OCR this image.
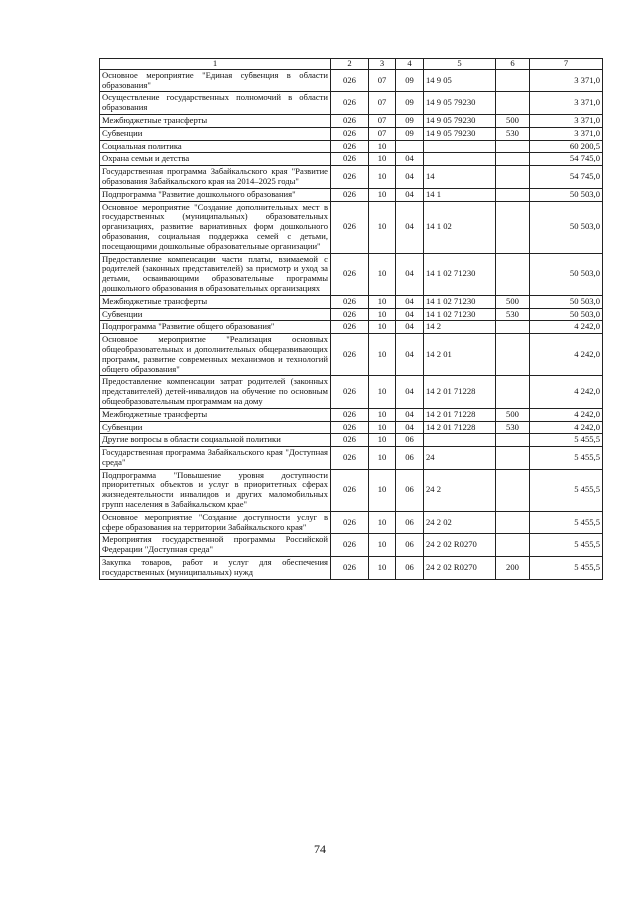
1	2	3	4	5	6	7
Основное мероприятие "Единая субвенция в области образования"	026	07	09	14 9 05		3 371,0
Осуществление государственных полномочий в области образования	026	07	09	14 9 05 79230		3 371,0
Межбюджетные трансферты	026	07	09	14 9 05 79230	500	3 371,0
Субвенции	026	07	09	14 9 05 79230	530	3 371,0
Социальная политика	026	10				60 200,5
Охрана семьи и детства	026	10	04			54 745,0
Государственная программа Забайкальского края "Развитие образования Забайкальского края на 2014–2025 годы"	026	10	04	14		54 745,0
Подпрограмма "Развитие дошкольного образования"	026	10	04	14 1		50 503,0
Основное мероприятие "Создание дополнительных мест в государственных (муниципальных) образовательных организациях, развитие вариативных форм дошкольного образования, социальная поддержка семей с детьми, посещающими дошкольные образовательные организации"	026	10	04	14 1 02		50 503,0
Предоставление компенсации части платы, взимаемой с родителей (законных представителей) за присмотр и уход за детьми, осваивающими образовательные программы дошкольного образования в образовательных организациях	026	10	04	14 1 02 71230		50 503,0
Межбюджетные трансферты	026	10	04	14 1 02 71230	500	50 503,0
Субвенции	026	10	04	14 1 02 71230	530	50 503,0
Подпрограмма "Развитие общего образования"	026	10	04	14 2		4 242,0
Основное мероприятие "Реализация основных общеобразовательных и дополнительных общеразвивающих программ, развитие современных механизмов и технологий общего образования"	026	10	04	14 2 01		4 242,0
Предоставление компенсации затрат родителей (законных представителей) детей-инвалидов на обучение по основным общеобразовательным программам на дому	026	10	04	14 2 01 71228		4 242,0
Межбюджетные трансферты	026	10	04	14 2 01 71228	500	4 242,0
Субвенции	026	10	04	14 2 01 71228	530	4 242,0
Другие вопросы в области социальной политики	026	10	06			5 455,5
Государственная программа Забайкальского края "Доступная среда"	026	10	06	24		5 455,5
Подпрограмма "Повышение уровня доступности приоритетных объектов и услуг в приоритетных сферах жизнедеятельности инвалидов и других маломобильных групп населения в Забайкальском крае"	026	10	06	24 2		5 455,5
Основное мероприятие "Создание доступности услуг в сфере образования на территории Забайкальского края"	026	10	06	24 2 02		5 455,5
Мероприятия государственной программы Российской Федерации "Доступная среда"	026	10	06	24 2 02 R0270		5 455,5
Закупка товаров, работ и услуг для обеспечения государственных (муниципальных) нужд	026	10	06	24 2 02 R0270	200	5 455,5
74
